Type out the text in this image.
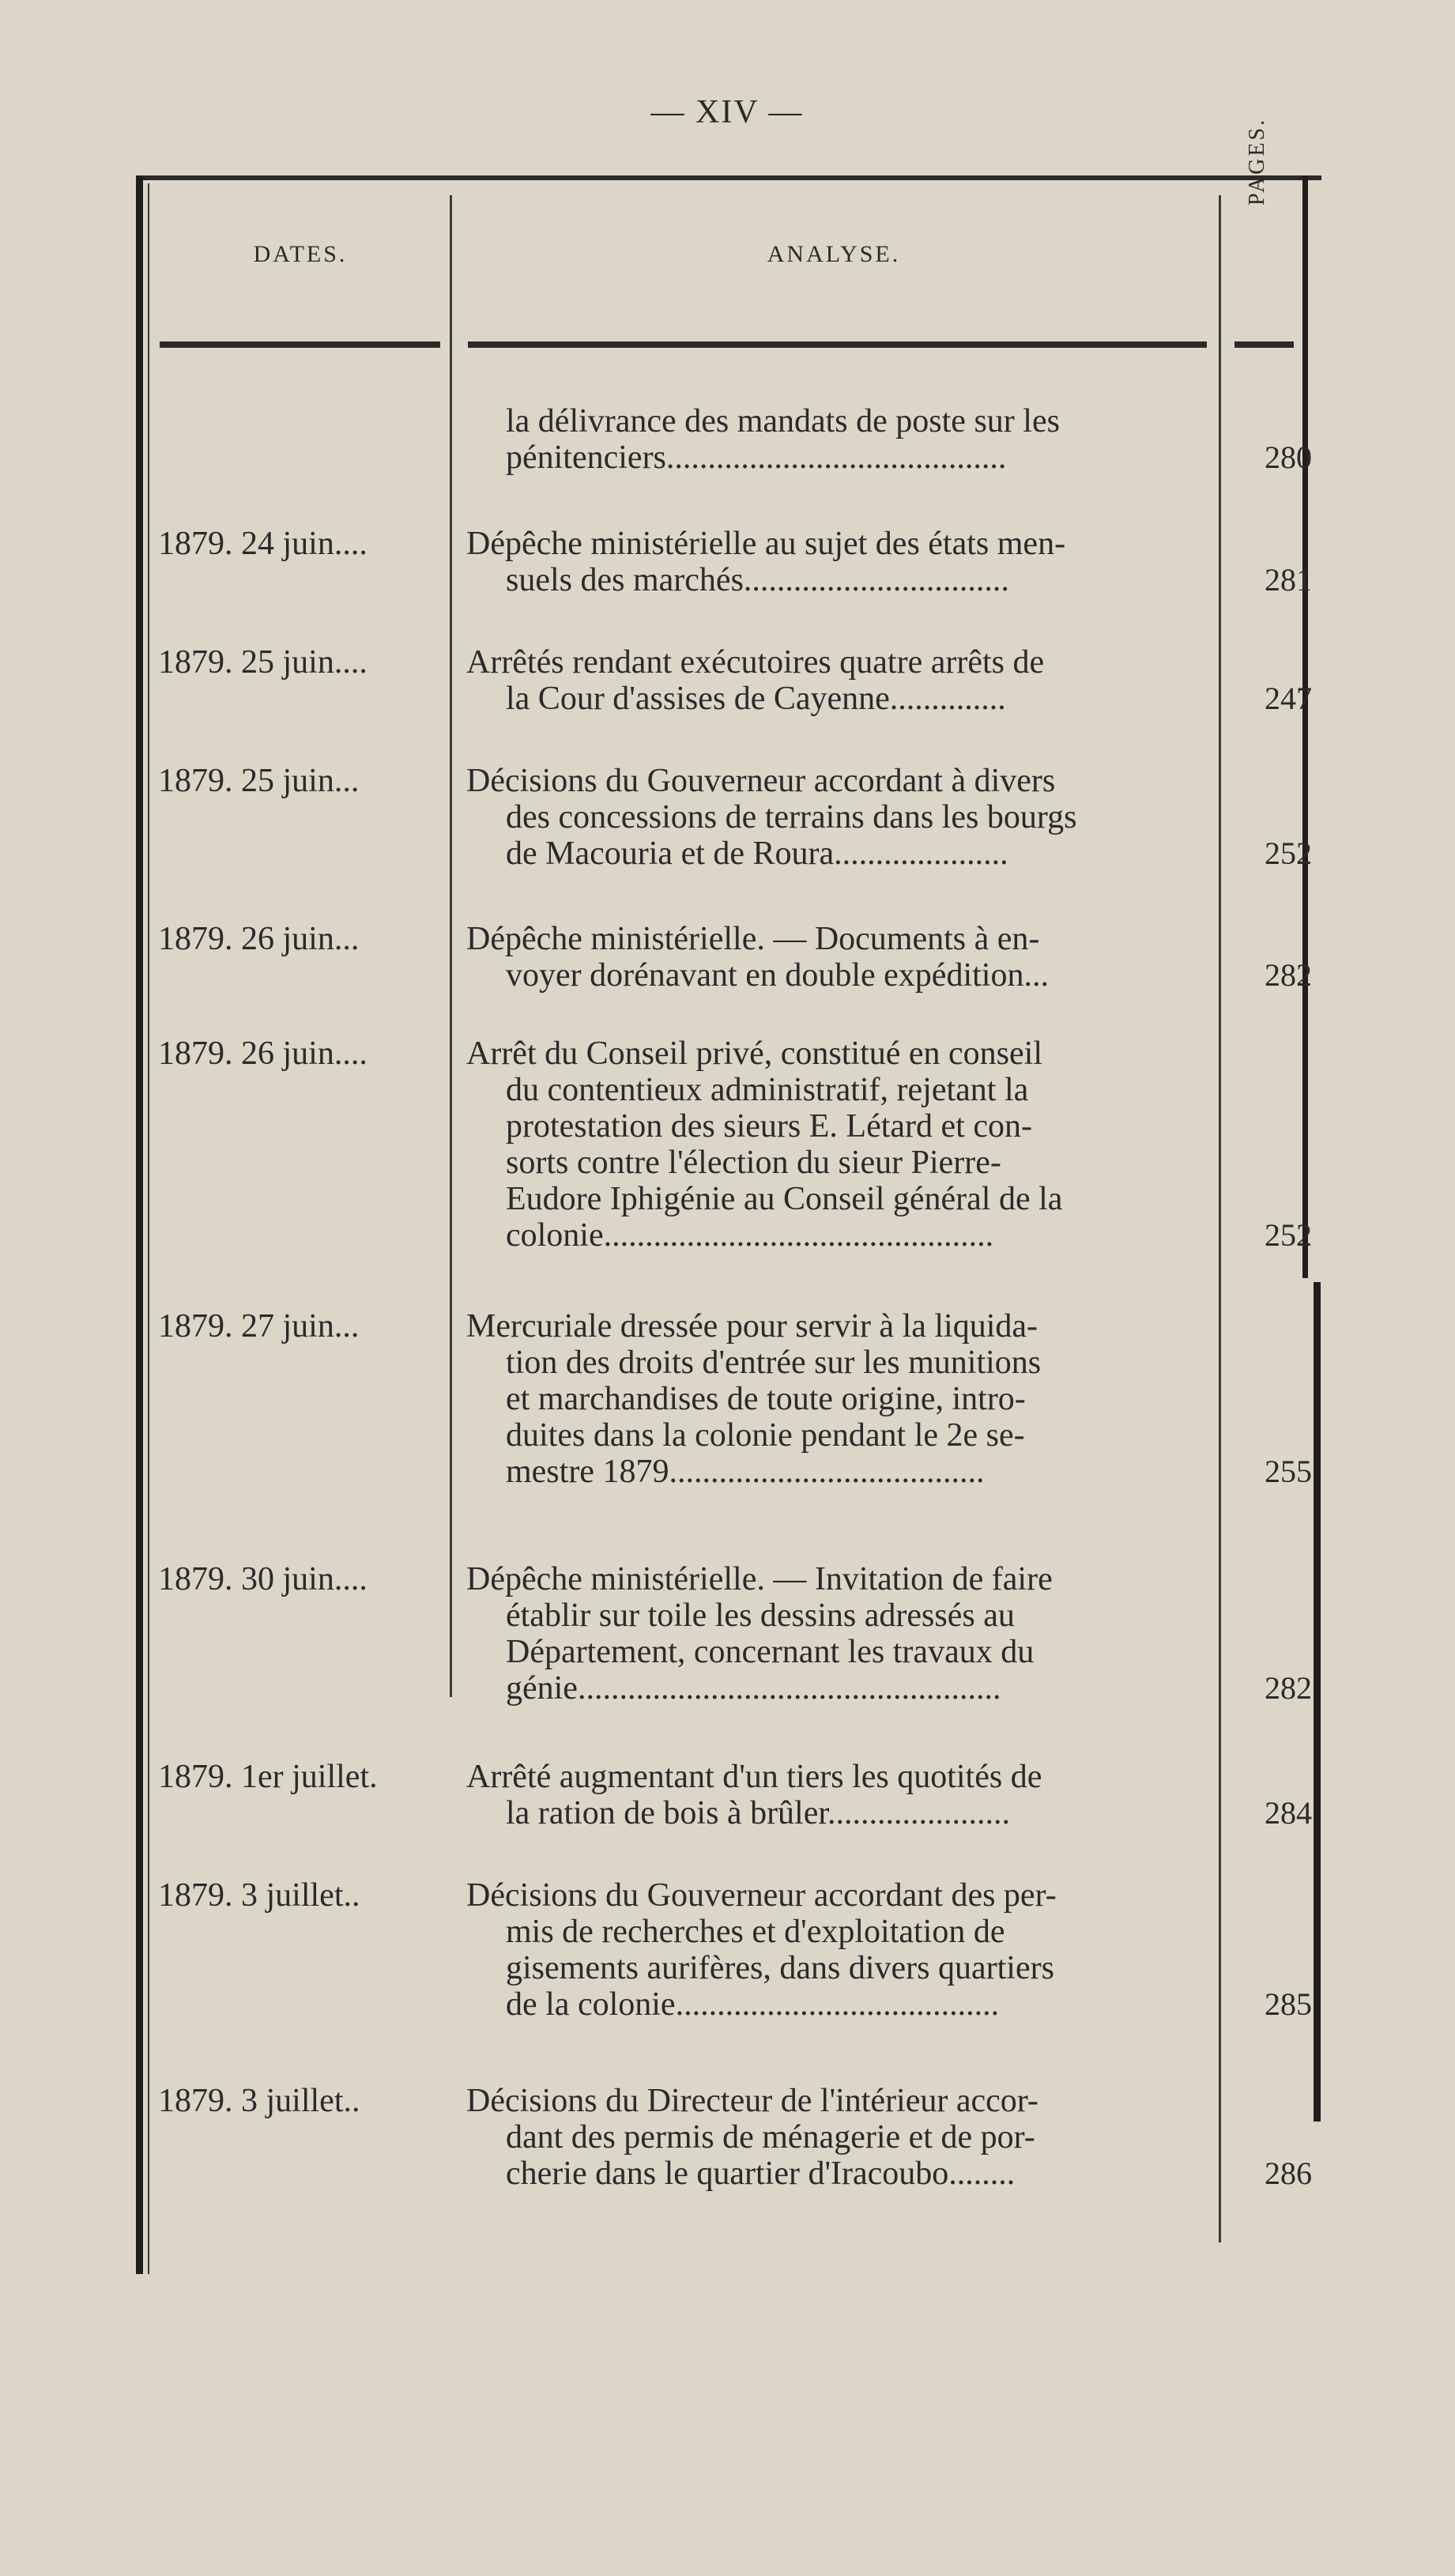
— XIV —
DATES.	ANALYSE.
PAGES.
la délivrance des mandats de poste sur les
pénitenciers.........................................	280
1879. 24 juin....	Dépêche ministérielle au sujet des états men-
suels des marchés................................	281
1879. 25 juin....	Arrêtés rendant exécutoires quatre arrêts de
la Cour d'assises de Cayenne..............	247
1879. 25 juin...	Décisions du Gouverneur accordant à divers
des concessions de terrains dans les bourgs
de Macouria et de Roura.....................	252
1879. 26 juin...	Dépêche ministérielle. — Documents à en-
voyer dorénavant en double expédition...	282
1879. 26 juin....	Arrêt du Conseil privé, constitué en conseil
du contentieux administratif, rejetant la
protestation des sieurs E. Létard et con-
sorts contre l'élection du sieur Pierre-
Eudore Iphigénie au Conseil général de la
colonie...............................................	252
1879. 27 juin...	Mercuriale dressée pour servir à la liquida-
tion des droits d'entrée sur les munitions
et marchandises de toute origine, intro-
duites dans la colonie pendant le 2e se-
mestre 1879......................................	255
1879. 30 juin....	Dépêche ministérielle. — Invitation de faire
établir sur toile les dessins adressés au
Département, concernant les travaux du
génie...................................................	282
1879. 1er juillet.	Arrêté augmentant d'un tiers les quotités de
la ration de bois à brûler......................	284
1879. 3 juillet..	Décisions du Gouverneur accordant des per-
mis de recherches et d'exploitation de
gisements aurifères, dans divers quartiers
de la colonie.......................................	285
1879. 3 juillet..	Décisions du Directeur de l'intérieur accor-
dant des permis de ménagerie et de por-
cherie dans le quartier d'Iracoubo........	286
